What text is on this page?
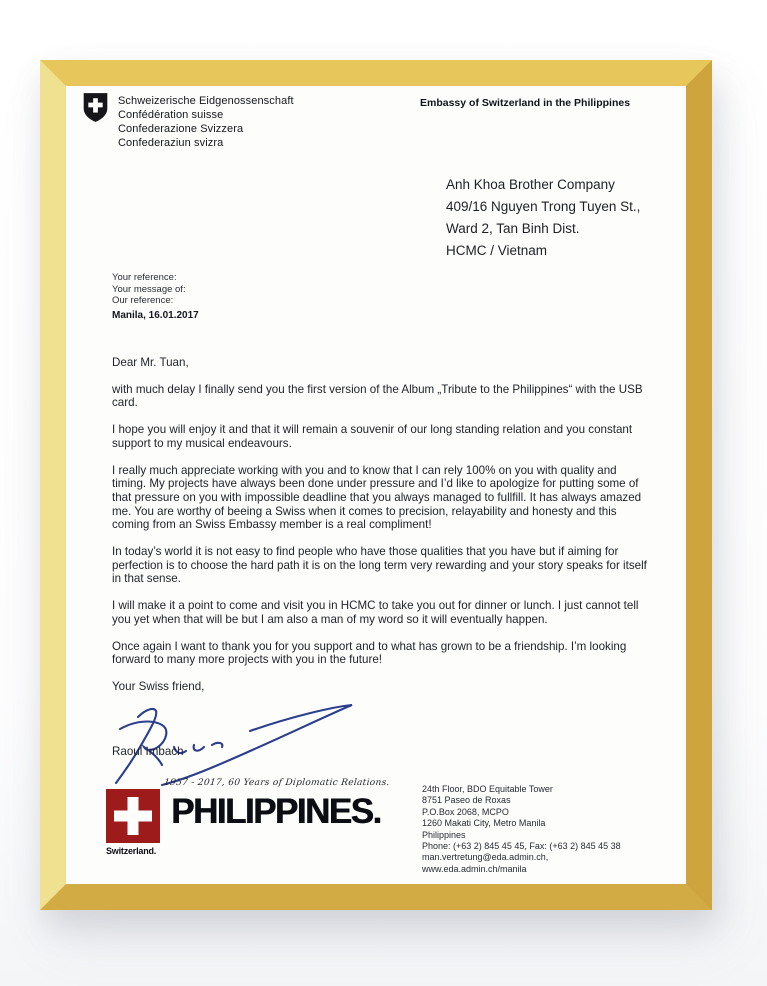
Schweizerische Eidgenossenschaft
Confédération suisse
Confederazione Svizzera
Confederaziun svizra
Embassy of Switzerland in the Philippines
Anh Khoa Brother Company
409/16 Nguyen Trong Tuyen St.,
Ward 2, Tan Binh Dist.
HCMC / Vietnam
Your reference:
Your message of:
Our reference:
Manila, 16.01.2017

Dear Mr. Tuan,

with much delay I finally send you the first version of the Album „Tribute to the Philippines“ with the USB card.

I hope you will enjoy it and that it will remain a souvenir of our long standing relation and you constant support to my musical endeavours.

I really much appreciate working with you and to know that I can rely 100% on you with quality and timing. My projects have always been done under pressure and I’d like to apologize for putting some of that pressure on you with impossible deadline that you always managed to fullfill. It has always amazed me. You are worthy of beeing a Swiss when it comes to precision, relayability and honesty and this coming from an Swiss Embassy member is a real compliment!

In today’s world it is not easy to find people who have those qualities that you have but if aiming for perfection is to choose the hard path it is on the long term very rewarding and your story speaks for itself in that sense.

I will make it a point to come and visit you in HCMC to take you out for dinner or lunch. I just cannot tell you yet when that will be but I am also a man of my word so it will eventually happen.

Once again I want to thank you for you support and to what has grown to be a friendship. I’m looking forward to many more projects with you in the future!

Your Swiss friend,

Raoul Imbach
1957 - 2017, 60 Years of Diplomatic Relations.
Switzerland.
PHILIPPINES.
24th Floor, BDO Equitable Tower
8751 Paseo de Roxas
P.O.Box 2068, MCPO
1260 Makati City, Metro Manila
Philippines
Phone: (+63 2) 845 45 45, Fax: (+63 2) 845 45 38
man.vertretung@eda.admin.ch,
www.eda.admin.ch/manila
